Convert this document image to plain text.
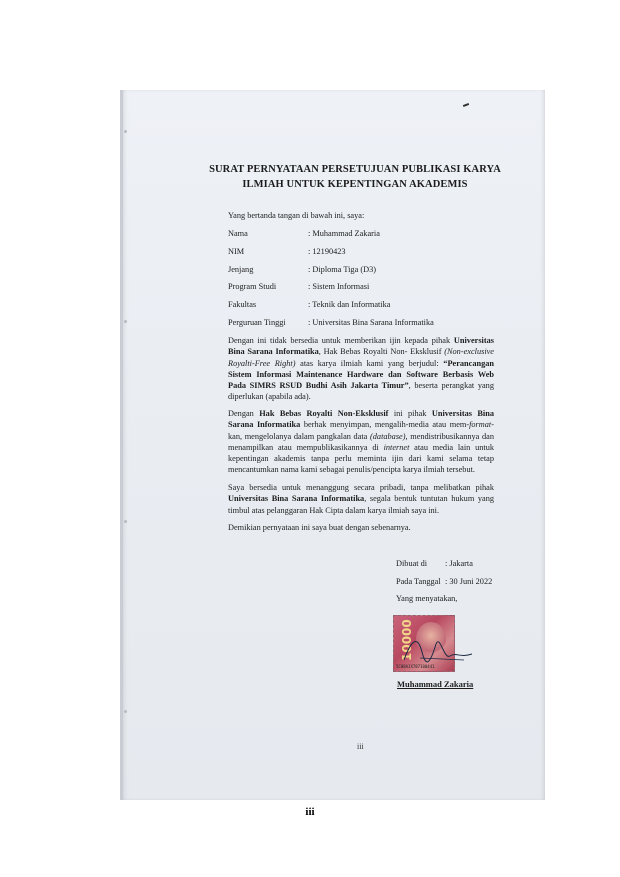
SURAT PERNYATAAN PERSETUJUAN PUBLIKASI KARYA
ILMIAH UNTUK KEPENTINGAN AKADEMIS
Yang bertanda tangan di bawah ini, saya:
Nama	: Muhammad Zakaria
NIM	: 12190423
Jenjang	: Diploma Tiga (D3)
Program Studi	: Sistem Informasi
Fakultas	: Teknik dan Informatika
Perguruan Tinggi	: Universitas Bina Sarana Informatika
Dengan ini tidak bersedia untuk memberikan ijin kepada pihak Universitas Bina Sarana Informatika, Hak Bebas Royalti Non- Eksklusif (Non-exclusive Royalti-Free Right) atas karya ilmiah kami yang berjudul: “Perancangan Sistem Informasi Maintenance Hardware dan Software Berbasis Web Pada SIMRS RSUD Budhi Asih Jakarta Timur”, beserta perangkat yang diperlukan (apabila ada).
Dengan Hak Bebas Royalti Non-Eksklusif ini pihak Universitas Bina Sarana Informatika berhak menyimpan, mengalih-media atau mem-format-kan, mengelolanya dalam pangkalan data (database), mendistribusikannya dan menampilkan atau mempublikasikannya di internet atau media lain untuk kepentingan akademis tanpa perlu meminta ijin dari kami selama tetap mencantumkan nama kami sebagai penulis/pencipta karya ilmiah tersebut.
Saya bersedia untuk menanggung secara pribadi, tanpa melibatkan pihak Universitas Bina Sarana Informatika, segala bentuk tuntutan hukum yang timbul atas pelanggaran Hak Cipta dalam karya ilmiah saya ini.
Demikian pernyataan ini saya buat dengan sebenarnya.
Dibuat di : Jakarta
Pada Tanggal : 30 Juni 2022
Yang menyatakan,
10000
5C08AJX787100441
Muhammad Zakaria
iii
iii
